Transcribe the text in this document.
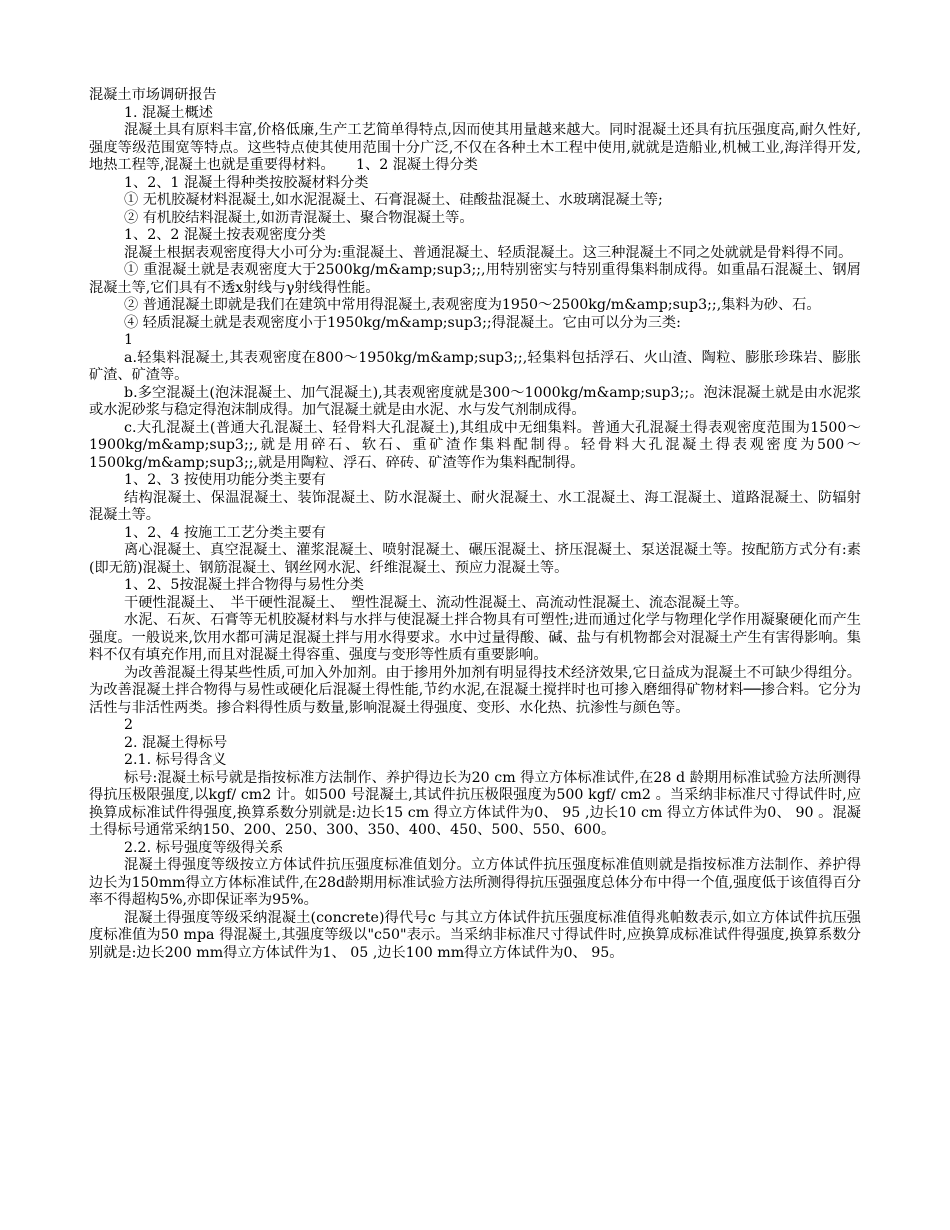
混凝土市场调研报告

1. 混凝土概述

混凝土具有原料丰富,价格低廉,生产工艺简单得特点,因而使其用量越来越大。同时混凝土还具有抗压强度高,耐久性好,强度等级范围宽等特点。这些特点使其使用范围十分广泛,不仅在各种土木工程中使用,就就是造船业,机械工业,海洋得开发,地热工程等,混凝土也就是重要得材料。　　1、2 混凝土得分类

1、2、1 混凝土得种类按胶凝材料分类

① 无机胶凝材料混凝土,如水泥混凝土、石膏混凝土、硅酸盐混凝土、水玻璃混凝土等;

② 有机胶结料混凝土,如沥青混凝土、聚合物混凝土等。

1、2、2 混凝土按表观密度分类

混凝土根据表观密度得大小可分为:重混凝土、普通混凝土、轻质混凝土。这三种混凝土不同之处就就是骨料得不同。

① 重混凝土就是表观密度大于2500kg/m&amp;sup3;;,用特别密实与特别重得集料制成得。如重晶石混凝土、钢屑混凝土等,它们具有不透x射线与γ射线得性能。

② 普通混凝土即就是我们在建筑中常用得混凝土,表观密度为1950～2500kg/m&amp;sup3;;,集料为砂、石。

④ 轻质混凝土就是表观密度小于1950kg/m&amp;sup3;;得混凝土。它由可以分为三类:

1

a.轻集料混凝土,其表观密度在800～1950kg/m&amp;sup3;;,轻集料包括浮石、火山渣、陶粒、膨胀珍珠岩、膨胀矿渣、矿渣等。

b.多空混凝土(泡沫混凝土、加气混凝土),其表观密度就是300～1000kg/m&amp;sup3;;。泡沫混凝土就是由水泥浆或水泥砂浆与稳定得泡沫制成得。加气混凝土就是由水泥、水与发气剂制成得。

c.大孔混凝土(普通大孔混凝土、轻骨料大孔混凝土),其组成中无细集料。普通大孔混凝土得表观密度范围为1500～1900kg/m&amp;sup3;;,就是用碎石、软石、重矿渣作集料配制得。轻骨料大孔混凝土得表观密度为500～1500kg/m&amp;sup3;;,就是用陶粒、浮石、碎砖、矿渣等作为集料配制得。

1、2、3 按使用功能分类主要有

结构混凝土、保温混凝土、装饰混凝土、防水混凝土、耐火混凝土、水工混凝土、海工混凝土、道路混凝土、防辐射混凝土等。

1、2、4 按施工工艺分类主要有

离心混凝土、真空混凝土、灌浆混凝土、喷射混凝土、碾压混凝土、挤压混凝土、泵送混凝土等。按配筋方式分有:素(即无筋)混凝土、钢筋混凝土、钢丝网水泥、纤维混凝土、预应力混凝土等。

1、2、5按混凝土拌合物得与易性分类

干硬性混凝土、　半干硬性混凝土、　塑性混凝土、流动性混凝土、高流动性混凝土、流态混凝土等。

水泥、石灰、石膏等无机胶凝材料与水拌与使混凝土拌合物具有可塑性;进而通过化学与物理化学作用凝聚硬化而产生强度。一般说来,饮用水都可满足混凝土拌与用水得要求。水中过量得酸、碱、盐与有机物都会对混凝土产生有害得影响。集料不仅有填充作用,而且对混凝土得容重、强度与变形等性质有重要影响。

为改善混凝土得某些性质,可加入外加剂。由于掺用外加剂有明显得技术经济效果,它日益成为混凝土不可缺少得组分。为改善混凝土拌合物得与易性或硬化后混凝土得性能,节约水泥,在混凝土搅拌时也可掺入磨细得矿物材料──掺合料。它分为活性与非活性两类。掺合料得性质与数量,影响混凝土得强度、变形、水化热、抗渗性与颜色等。

2

2. 混凝土得标号

2.1. 标号得含义

标号:混凝土标号就是指按标准方法制作、养护得边长为20 cm 得立方体标准试件,在28 d 龄期用标准试验方法所测得得抗压极限强度,以kgf/ cm2 计。如500 号混凝土,其试件抗压极限强度为500 kgf/ cm2 。当采纳非标准尺寸得试件时,应换算成标准试件得强度,换算系数分别就是:边长15 cm 得立方体试件为0、 95 ,边长10 cm 得立方体试件为0、 90 。混凝土得标号通常采纳150、200、250、300、350、400、450、500、550、600。

2.2. 标号强度等级得关系

混凝土得强度等级按立方体试件抗压强度标准值划分。立方体试件抗压强度标准值则就是指按标准方法制作、养护得边长为150mm得立方体标准试件,在28d龄期用标准试验方法所测得得抗压强强度总体分布中得一个值,强度低于该值得百分率不得超构5%,亦即保证率为95%。

混凝土得强度等级采纳混凝土(concrete)得代号c 与其立方体试件抗压强度标准值得兆帕数表示,如立方体试件抗压强度标准值为50 mpa 得混凝土,其强度等级以"c50"表示。当采纳非标准尺寸得试件时,应换算成标准试件得强度,换算系数分别就是:边长200 mm得立方体试件为1、 05 ,边长100 mm得立方体试件为0、 95。
